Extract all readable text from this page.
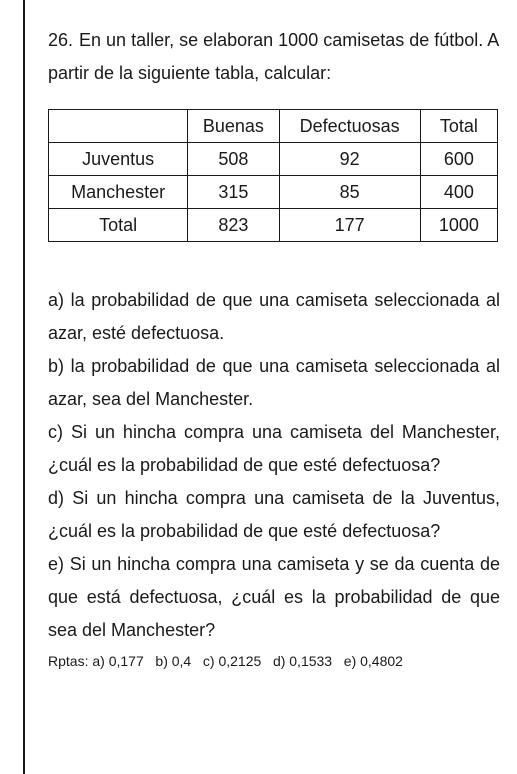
26. En un taller, se elaboran 1000 camisetas de fútbol. A partir de la siguiente tabla, calcular:

	Buenas	Defectuosas	Total
Juventus	508	92	600
Manchester	315	85	400
Total	823	177	1000

a) la probabilidad de que una camiseta seleccionada al azar, esté defectuosa.

b) la probabilidad de que una camiseta seleccionada al azar, sea del Manchester.

c) Si un hincha compra una camiseta del Manchester, ¿cuál es la probabilidad de que esté defectuosa?

d) Si un hincha compra una camiseta de la Juventus, ¿cuál es la probabilidad de que esté defectuosa?

e) Si un hincha compra una camiseta y se da cuenta de que está defectuosa, ¿cuál es la probabilidad de que sea del Manchester?

Rptas: a) 0,177 b) 0,4 c) 0,2125 d) 0,1533 e) 0,4802
